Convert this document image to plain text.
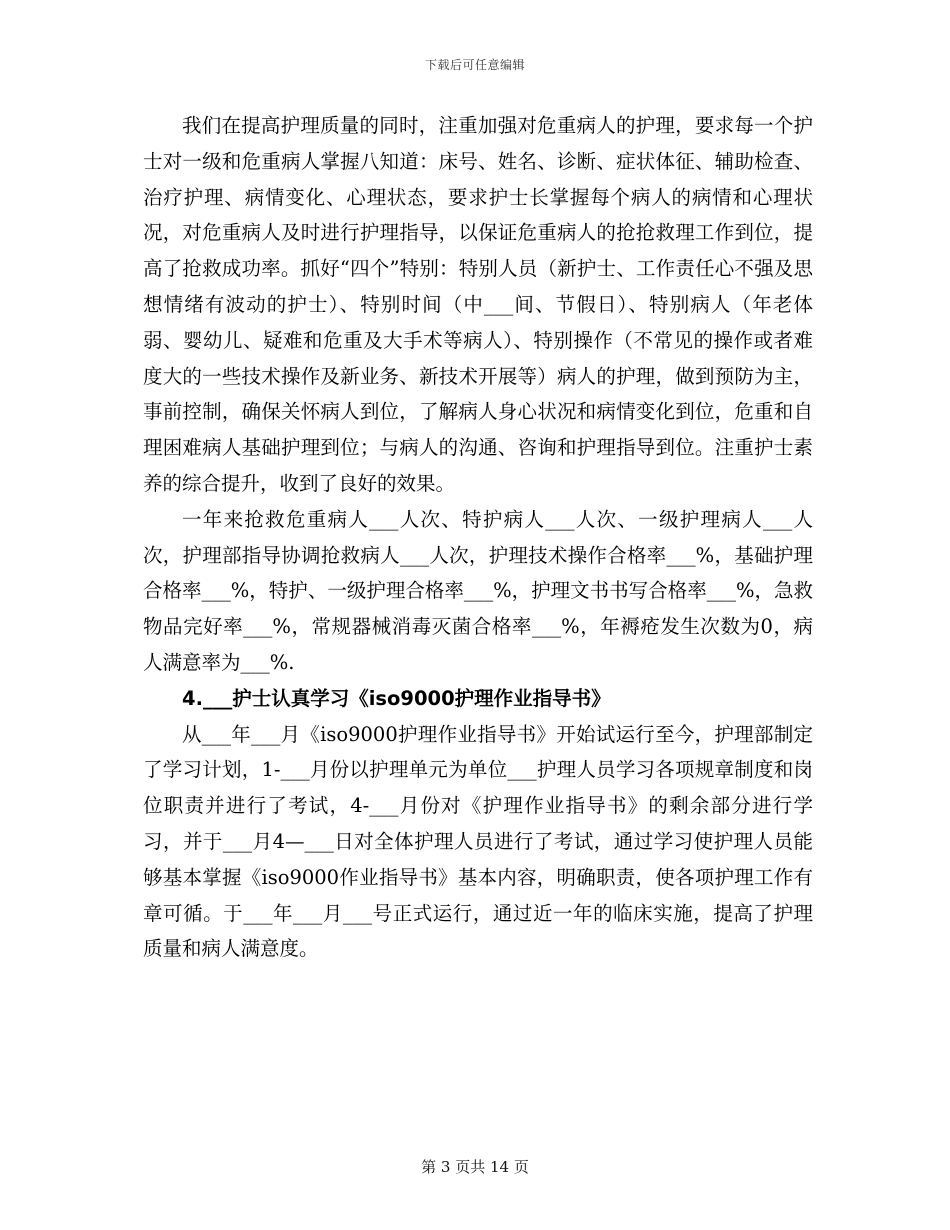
下载后可任意编辑

我们在提高护理质量的同时，注重加强对危重病人的护理，要求每一个护士对一级和危重病人掌握八知道：床号、姓名、诊断、症状体征、辅助检查、治疗护理、病情变化、心理状态，要求护士长掌握每个病人的病情和心理状况，对危重病人及时进行护理指导，以保证危重病人的抢抢救理工作到位，提高了抢救成功率。抓好“四个”特别：特别人员（新护士、工作责任心不强及思想情绪有波动的护士）、特别时间（中___间、节假日）、特别病人（年老体弱、婴幼儿、疑难和危重及大手术等病人）、特别操作（不常见的操作或者难度大的一些技术操作及新业务、新技术开展等）病人的护理，做到预防为主，事前控制，确保关怀病人到位，了解病人身心状况和病情变化到位，危重和自理困难病人基础护理到位；与病人的沟通、咨询和护理指导到位。注重护士素养的综合提升，收到了良好的效果。

一年来抢救危重病人___人次、特护病人___人次、一级护理病人___人次，护理部指导协调抢救病人___人次，护理技术操作合格率___%，基础护理合格率___%，特护、一级护理合格率___%，护理文书书写合格率___%，急救物品完好率___%，常规器械消毒灭菌合格率___%，年褥疮发生次数为0，病人满意率为___%.

4.___护士认真学习《iso9000护理作业指导书》

从___年___月《iso9000护理作业指导书》开始试运行至今，护理部制定了学习计划，1-___月份以护理单元为单位___护理人员学习各项规章制度和岗位职责并进行了考试，4-___月份对《护理作业指导书》的剩余部分进行学习，并于___月4—___日对全体护理人员进行了考试，通过学习使护理人员能够基本掌握《iso9000作业指导书》基本内容，明确职责，使各项护理工作有章可循。于___年___月___号正式运行，通过近一年的临床实施，提高了护理质量和病人满意度。

第 3 页共 14 页
